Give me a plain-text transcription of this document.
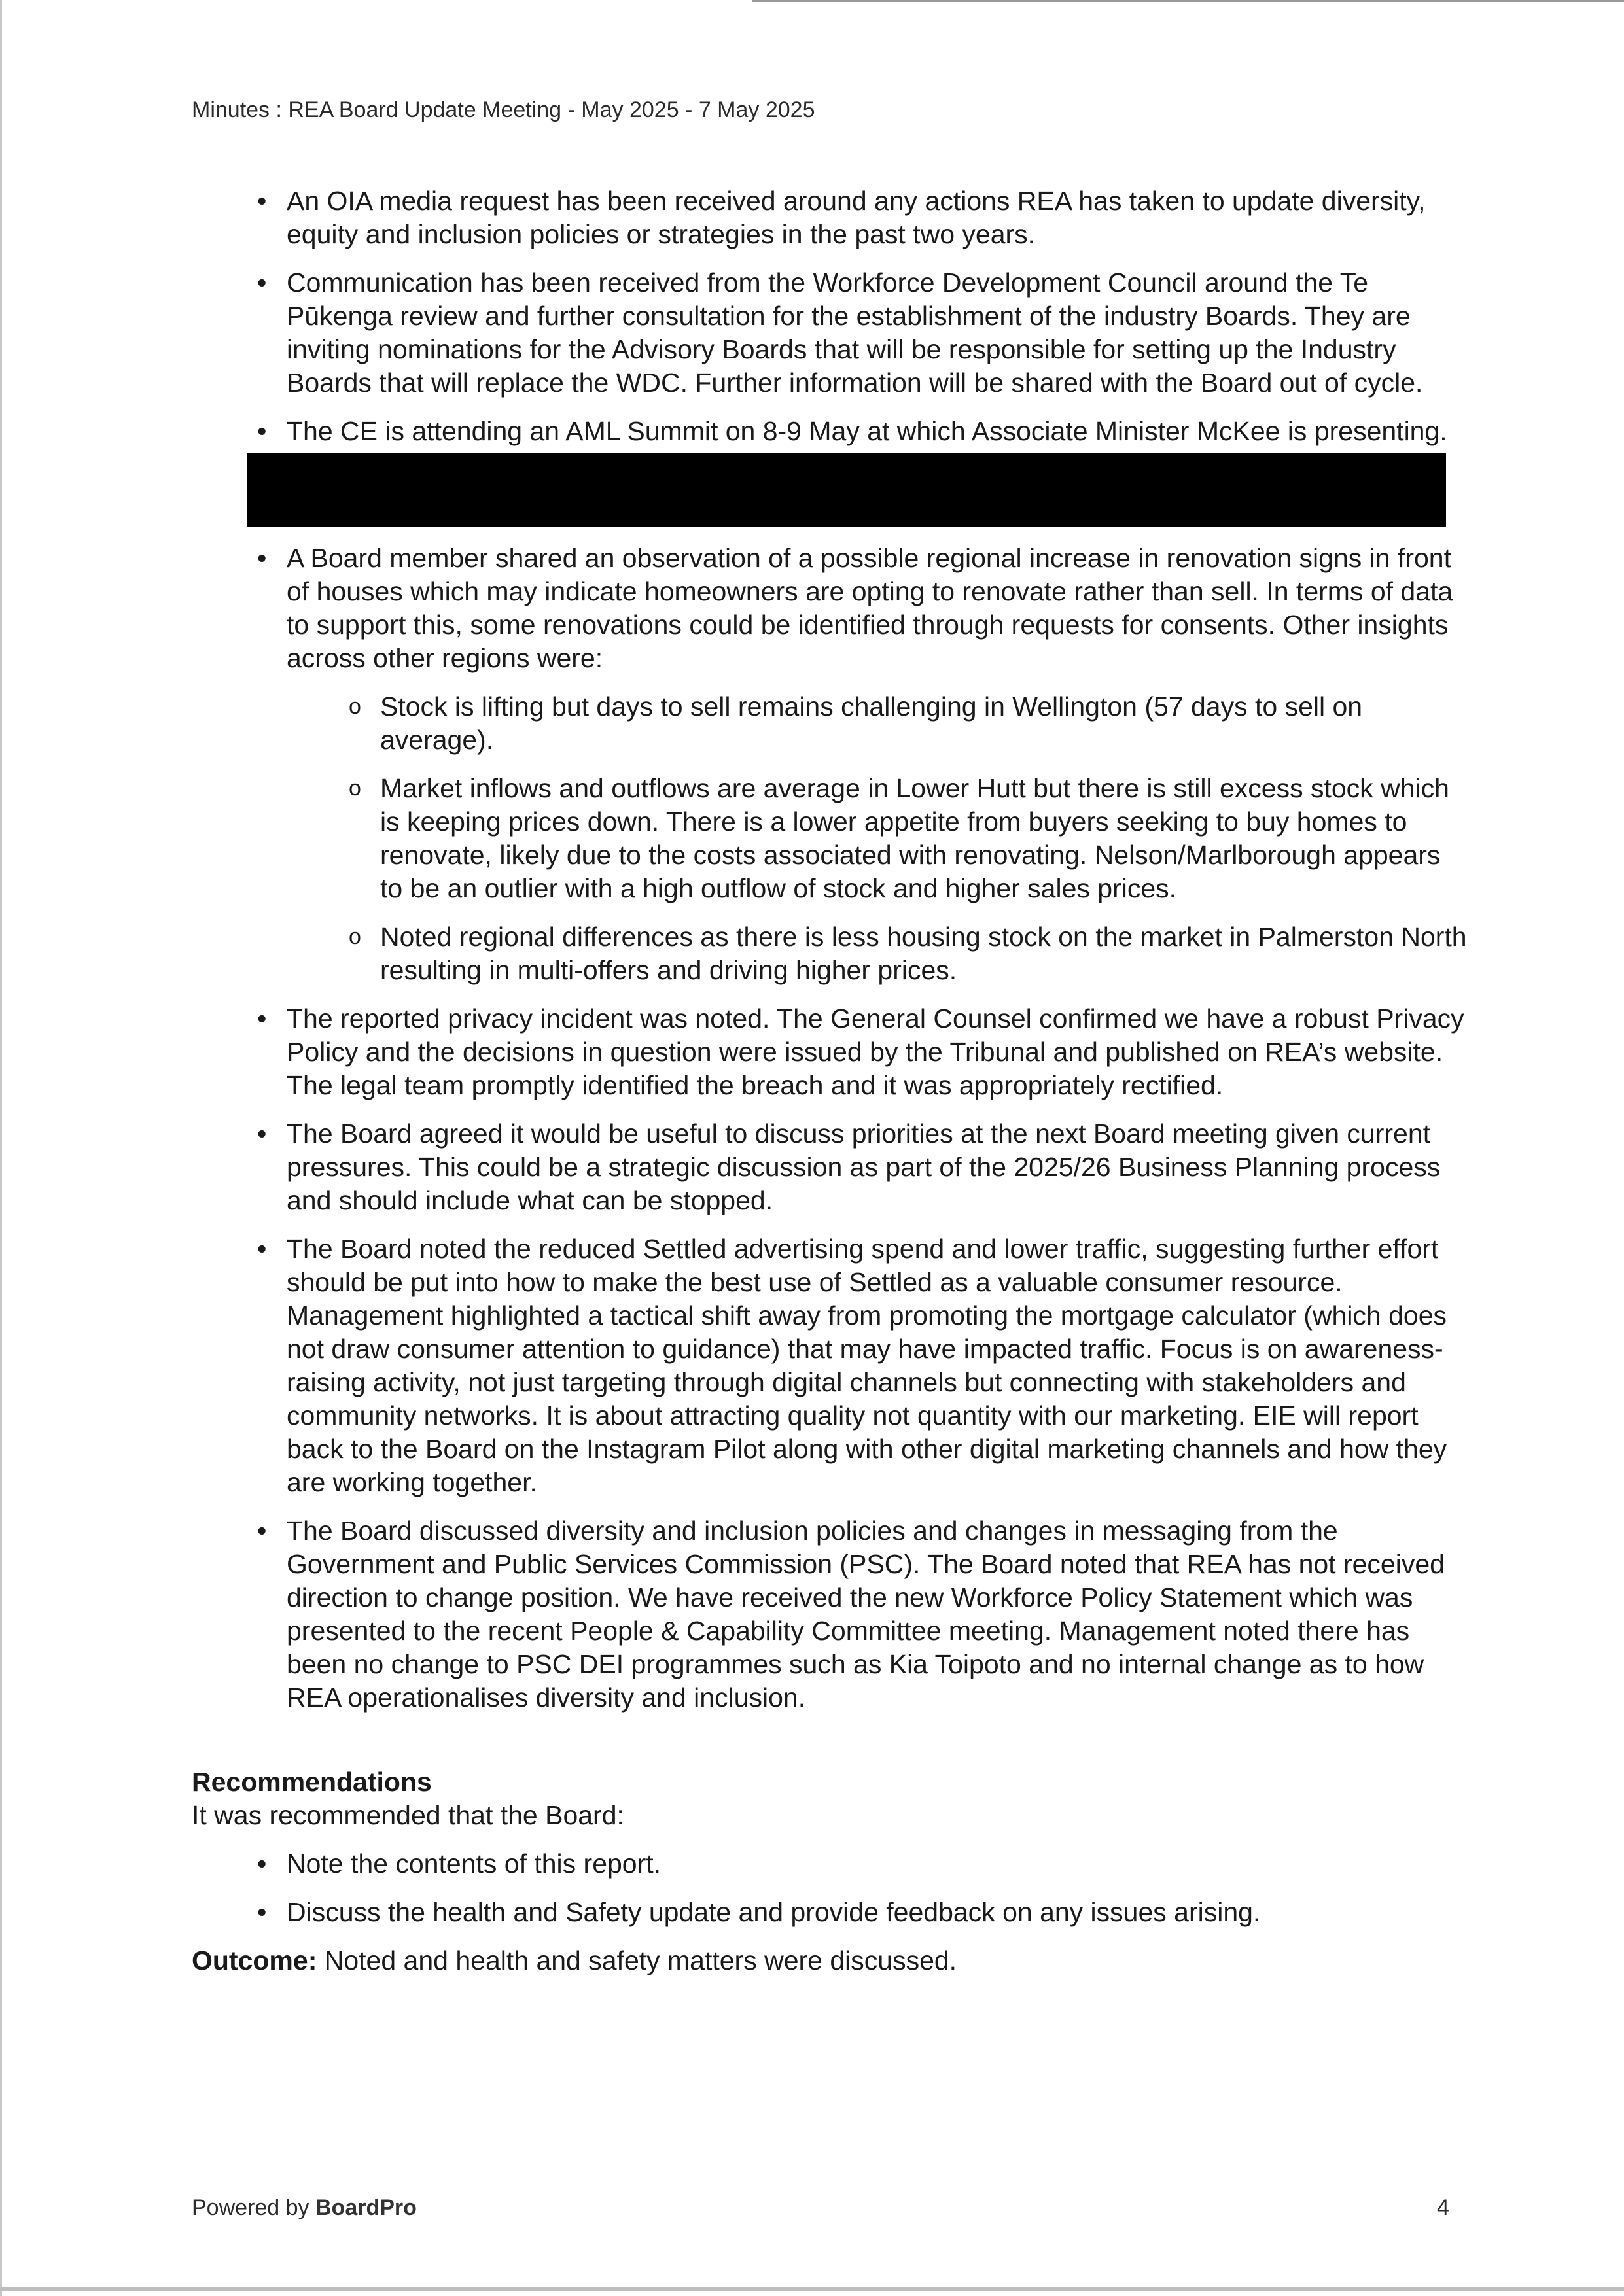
Minutes : REA Board Update Meeting - May 2025 - 7 May 2025
• An OIA media request has been received around any actions REA has taken to update diversity, equity and inclusion policies or strategies in the past two years.

• Communication has been received from the Workforce Development Council around the Te Pūkenga review and further consultation for the establishment of the industry Boards. They are inviting nominations for the Advisory Boards that will be responsible for setting up the Industry Boards that will replace the WDC. Further information will be shared with the Board out of cycle.

• The CE is attending an AML Summit on 8-9 May at which Associate Minister McKee is presenting.

• A Board member shared an observation of a possible regional increase in renovation signs in front of houses which may indicate homeowners are opting to renovate rather than sell. In terms of data to support this, some renovations could be identified through requests for consents. Other insights across other regions were:

o Stock is lifting but days to sell remains challenging in Wellington (57 days to sell on average).

o Market inflows and outflows are average in Lower Hutt but there is still excess stock which is keeping prices down. There is a lower appetite from buyers seeking to buy homes to renovate, likely due to the costs associated with renovating. Nelson/Marlborough appears to be an outlier with a high outflow of stock and higher sales prices.

o Noted regional differences as there is less housing stock on the market in Palmerston North resulting in multi-offers and driving higher prices.

• The reported privacy incident was noted. The General Counsel confirmed we have a robust Privacy Policy and the decisions in question were issued by the Tribunal and published on REA’s website. The legal team promptly identified the breach and it was appropriately rectified.

• The Board agreed it would be useful to discuss priorities at the next Board meeting given current pressures. This could be a strategic discussion as part of the 2025/26 Business Planning process and should include what can be stopped.

• The Board noted the reduced Settled advertising spend and lower traffic, suggesting further effort should be put into how to make the best use of Settled as a valuable consumer resource. Management highlighted a tactical shift away from promoting the mortgage calculator (which does not draw consumer attention to guidance) that may have impacted traffic. Focus is on awareness-raising activity, not just targeting through digital channels but connecting with stakeholders and community networks. It is about attracting quality not quantity with our marketing. EIE will report back to the Board on the Instagram Pilot along with other digital marketing channels and how they are working together.

• The Board discussed diversity and inclusion policies and changes in messaging from the Government and Public Services Commission (PSC). The Board noted that REA has not received direction to change position. We have received the new Workforce Policy Statement which was presented to the recent People & Capability Committee meeting. Management noted there has been no change to PSC DEI programmes such as Kia Toipoto and no internal change as to how REA operationalises diversity and inclusion.

Recommendations
It was recommended that the Board:
• Note the contents of this report.

• Discuss the health and Safety update and provide feedback on any issues arising.

Outcome: Noted and health and safety matters were discussed.
Powered by BoardPro	4
